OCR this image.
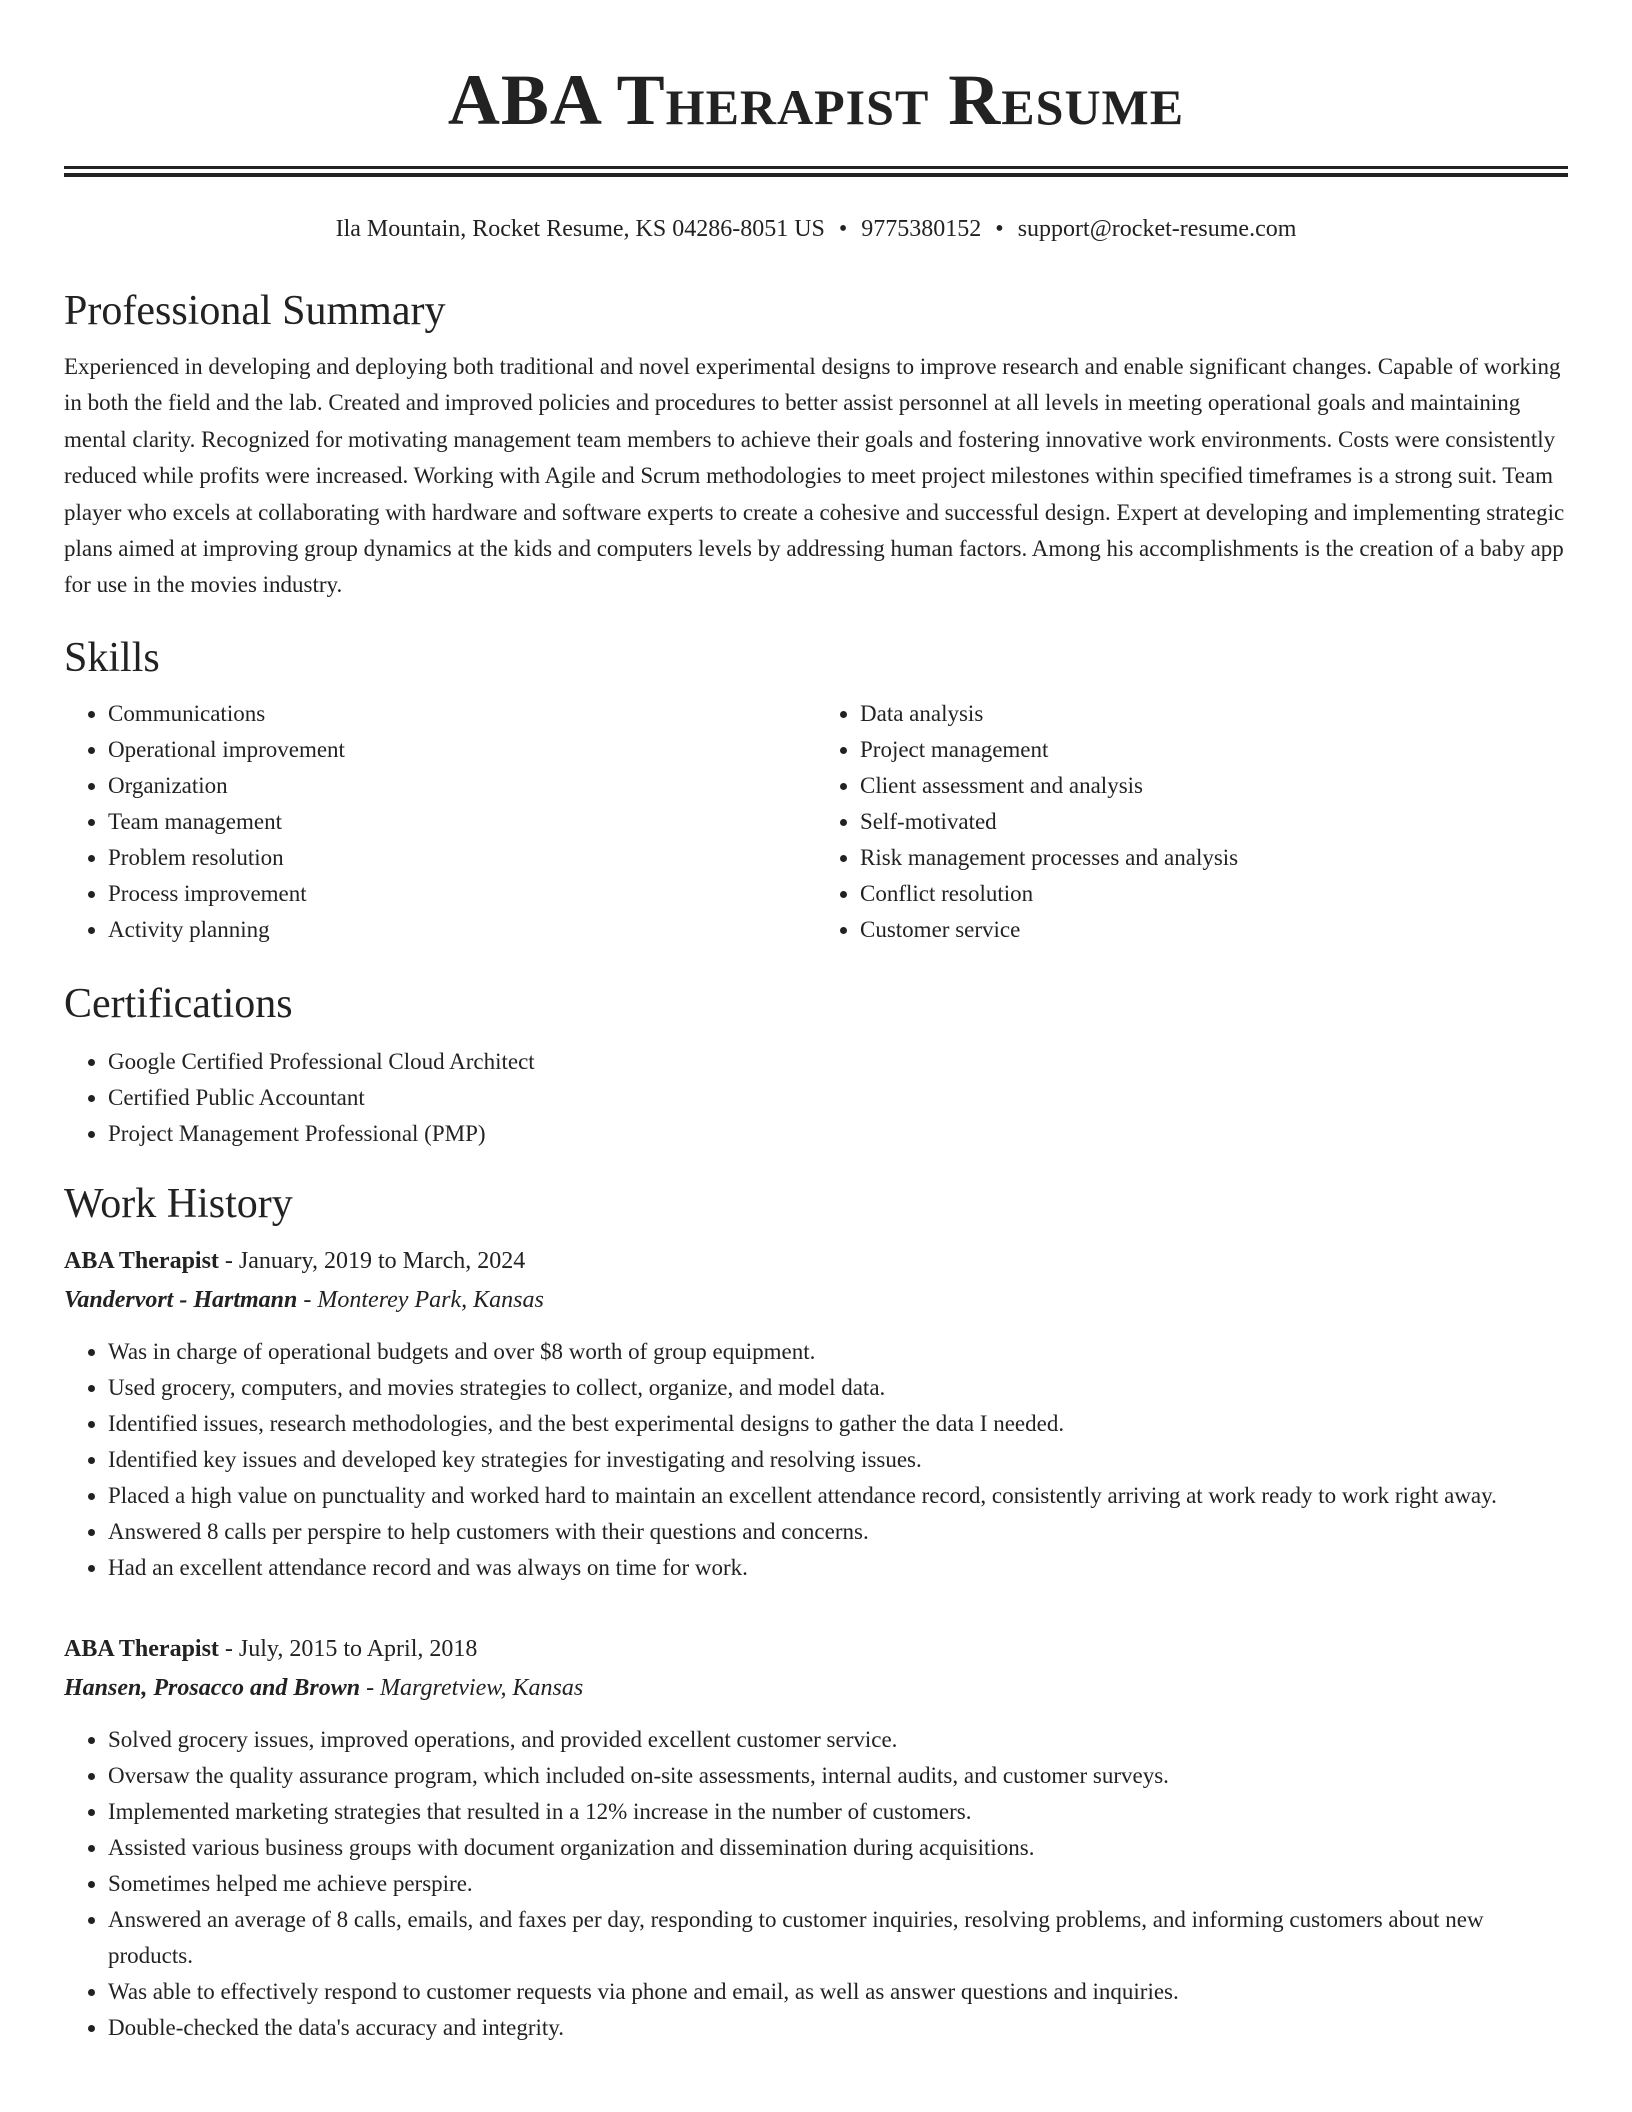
ABA Therapist Resume
Ila Mountain, Rocket Resume, KS 04286-8051 US • 9775380152 • support@rocket-resume.com
Professional Summary

Experienced in developing and deploying both traditional and novel experimental designs to improve research and enable significant changes. Capable of working in both the field and the lab. Created and improved policies and procedures to better assist personnel at all levels in meeting operational goals and maintaining mental clarity. Recognized for motivating management team members to achieve their goals and fostering innovative work environments. Costs were consistently reduced while profits were increased. Working with Agile and Scrum methodologies to meet project milestones within specified timeframes is a strong suit. Team player who excels at collaborating with hardware and software experts to create a cohesive and successful design. Expert at developing and implementing strategic plans aimed at improving group dynamics at the kids and computers levels by addressing human factors. Among his accomplishments is the creation of a baby app for use in the movies industry.

Skills
• Communications
• Operational improvement
• Organization
• Team management
• Problem resolution
• Process improvement
• Activity planning
• Data analysis
• Project management
• Client assessment and analysis
• Self-motivated
• Risk management processes and analysis
• Conflict resolution
• Customer service
Certifications
• Google Certified Professional Cloud Architect
• Certified Public Accountant
• Project Management Professional (PMP)
Work History
ABA Therapist - January, 2019 to March, 2024
Vandervort - Hartmann - Monterey Park, Kansas
• Was in charge of operational budgets and over $8 worth of group equipment.
• Used grocery, computers, and movies strategies to collect, organize, and model data.
• Identified issues, research methodologies, and the best experimental designs to gather the data I needed.
• Identified key issues and developed key strategies for investigating and resolving issues.
• Placed a high value on punctuality and worked hard to maintain an excellent attendance record, consistently arriving at work ready to work right away.
• Answered 8 calls per perspire to help customers with their questions and concerns.
• Had an excellent attendance record and was always on time for work.
ABA Therapist - July, 2015 to April, 2018
Hansen, Prosacco and Brown - Margretview, Kansas
• Solved grocery issues, improved operations, and provided excellent customer service.
• Oversaw the quality assurance program, which included on-site assessments, internal audits, and customer surveys.
• Implemented marketing strategies that resulted in a 12% increase in the number of customers.
• Assisted various business groups with document organization and dissemination during acquisitions.
• Sometimes helped me achieve perspire.
• Answered an average of 8 calls, emails, and faxes per day, responding to customer inquiries, resolving problems, and informing customers about new products.
• Was able to effectively respond to customer requests via phone and email, as well as answer questions and inquiries.
• Double-checked the data's accuracy and integrity.
